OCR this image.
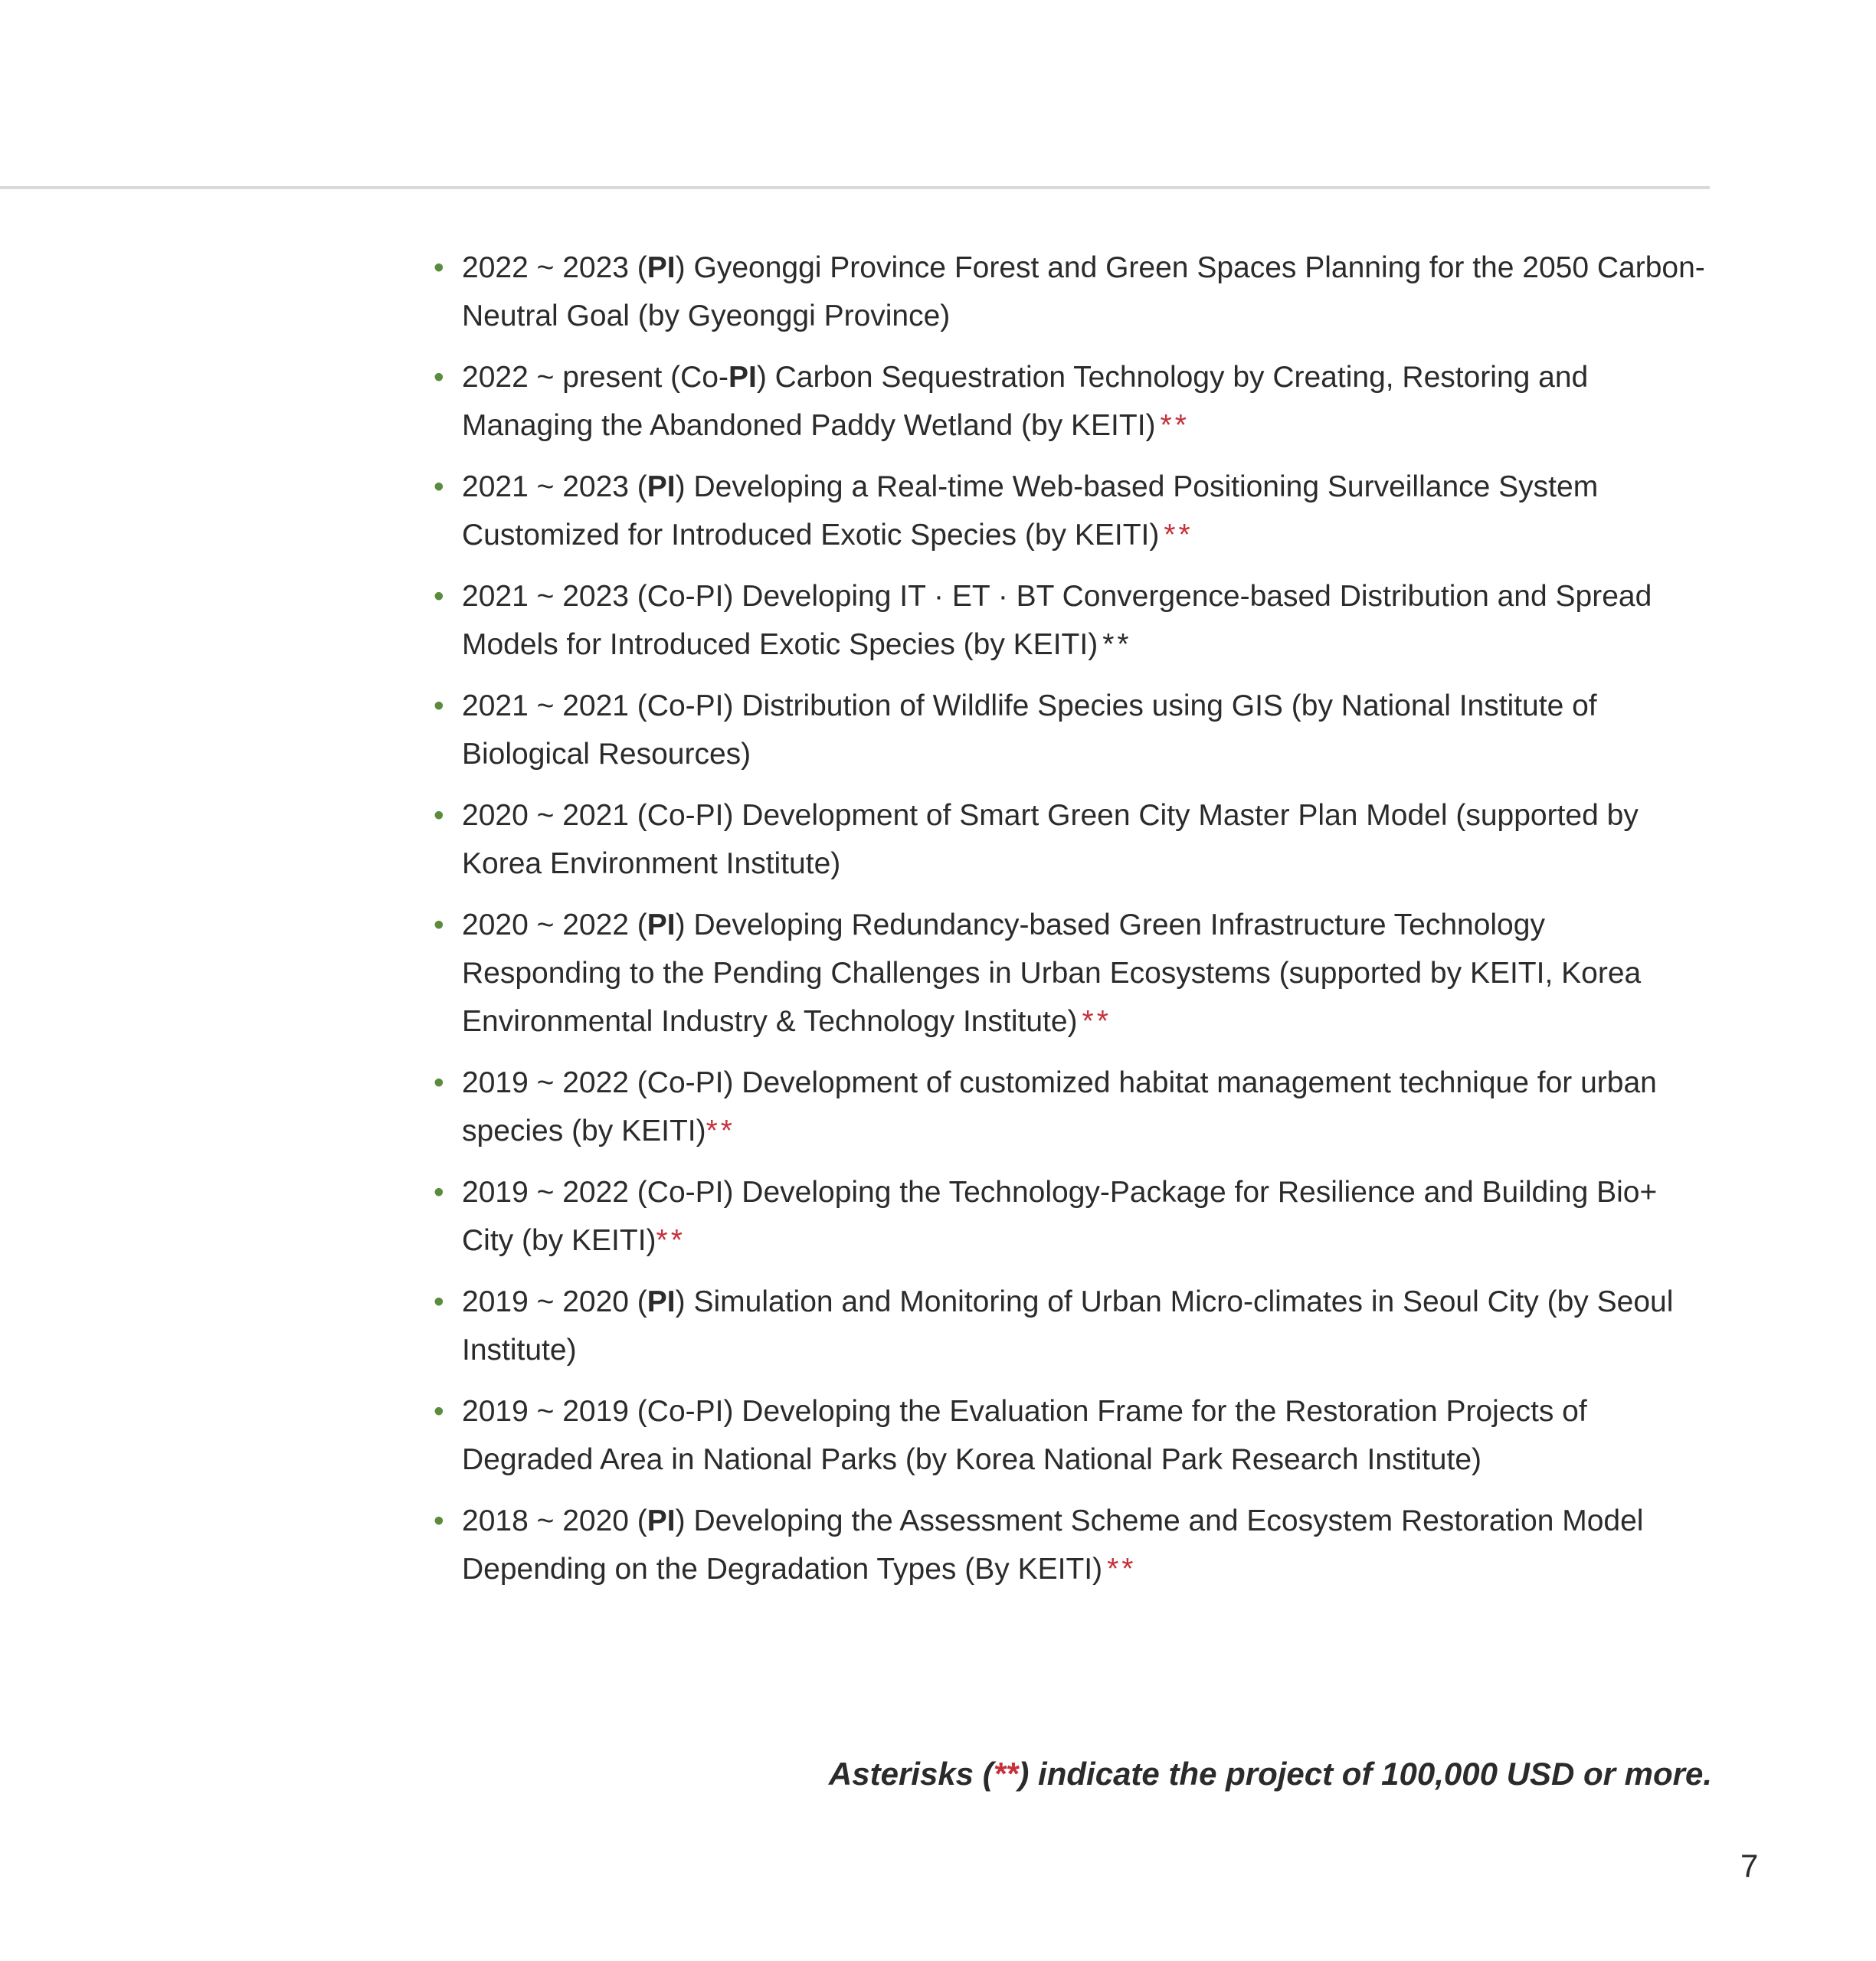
• 2022 ~ 2023 (PI) Gyeonggi Province Forest and Green Spaces Planning for the 2050 Carbon-Neutral Goal (by Gyeonggi Province)
• 2022 ~ present (Co-PI) Carbon Sequestration Technology by Creating, Restoring and Managing the Abandoned Paddy Wetland (by KEITI) **
• 2021 ~ 2023 (PI) Developing a Real-time Web-based Positioning Surveillance System Customized for Introduced Exotic Species (by KEITI) **
• 2021 ~ 2023 (Co-PI) Developing IT · ET · BT Convergence-based Distribution and Spread Models for Introduced Exotic Species (by KEITI) **
• 2021 ~ 2021 (Co-PI) Distribution of Wildlife Species using GIS (by National Institute of Biological Resources)
• 2020 ~ 2021 (Co-PI) Development of Smart Green City Master Plan Model (supported by Korea Environment Institute)
• 2020 ~ 2022 (PI) Developing Redundancy-based Green Infrastructure Technology Responding to the Pending Challenges in Urban Ecosystems (supported by KEITI, Korea Environmental Industry & Technology Institute) **
• 2019 ~ 2022 (Co-PI) Development of customized habitat management technique for urban species (by KEITI)**
• 2019 ~ 2022 (Co-PI) Developing the Technology-Package for Resilience and Building Bio+ City (by KEITI)**
• 2019 ~ 2020 (PI) Simulation and Monitoring of Urban Micro-climates in Seoul City (by Seoul Institute)
• 2019 ~ 2019 (Co-PI) Developing the Evaluation Frame for the Restoration Projects of Degraded Area in National Parks (by Korea National Park Research Institute)
• 2018 ~ 2020 (PI) Developing the Assessment Scheme and Ecosystem Restoration Model Depending on the Degradation Types (By KEITI) **
Asterisks (**) indicate the project of 100,000 USD or more.
7
